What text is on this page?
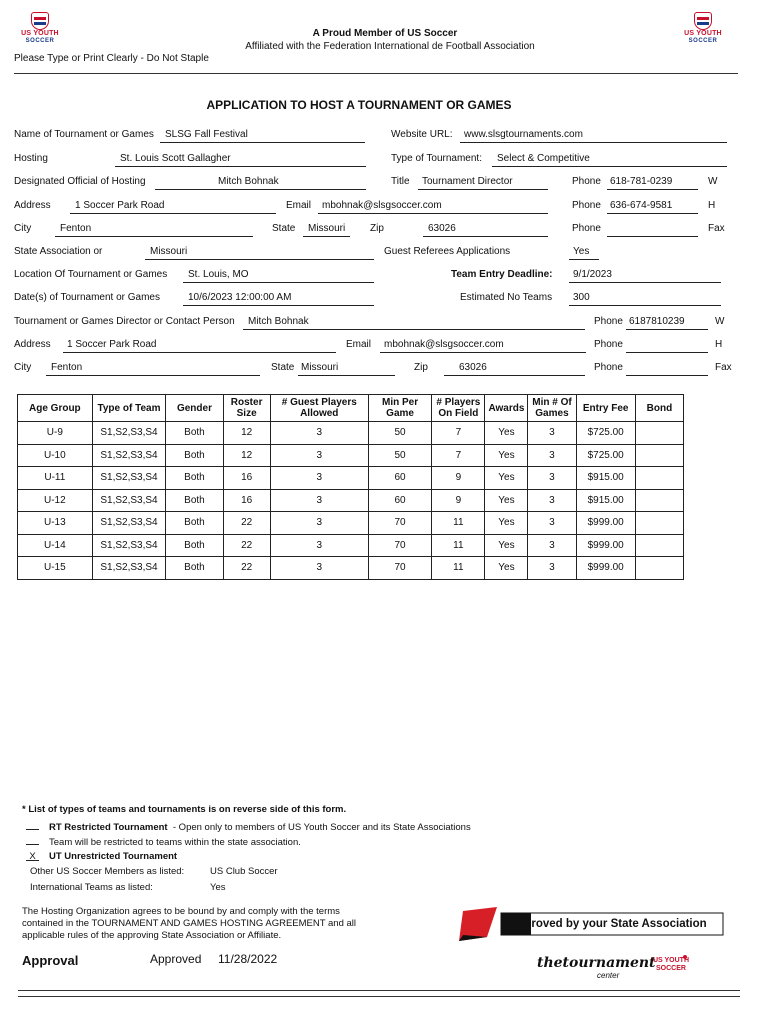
US YOUTH
SOCCER
US YOUTH
SOCCER
A Proud Member of US Soccer
Affiliated with the Federation International de Football Association
Please Type or Print Clearly - Do Not Staple
APPLICATION TO HOST A TOURNAMENT OR GAMES
Name of Tournament or Games SLSG Fall Festival	Website URL: www.slsgtournaments.com
Hosting	St. Louis Scott Gallagher	Type of Tournament: Select & Competitive
Designated Official of Hosting	Mitch Bohnak	Title Tournament Director	Phone 618-781-0239	W
Address 1 Soccer Park Road	Email mbohnak@slsgsoccer.com	Phone 636-674-9581	H
City	Fenton	State Missouri Zip	63026	Phone	Fax
State Association or	Missouri	Guest Referees Applications	Yes
Location Of Tournament or Games St. Louis, MO	Team Entry Deadline: 9/1/2023
Date(s) of Tournament or Games	10/6/2023 12:00:00 AM	Estimated No Teams 300
Tournament or Games Director or Contact Person Mitch Bohnak	Phone 6187810239	W
Address 1 Soccer Park Road	Email mbohnak@slsgsoccer.com	Phone	H
City Fenton	State Missouri	Zip	63026	Phone	Fax
Age Group	Type of Team	Gender	Roster Size	# Guest Players Allowed	Min Per Game	# Players On Field	Awards	Min # Of Games	Entry Fee	Bond
U-9	S1,S2,S3,S4	Both	12	3	50	7	Yes	3	$725.00	
U-10	S1,S2,S3,S4	Both	12	3	50	7	Yes	3	$725.00	
U-11	S1,S2,S3,S4	Both	16	3	60	9	Yes	3	$915.00	
U-12	S1,S2,S3,S4	Both	16	3	60	9	Yes	3	$915.00	
U-13	S1,S2,S3,S4	Both	22	3	70	11	Yes	3	$999.00	
U-14	S1,S2,S3,S4	Both	22	3	70	11	Yes	3	$999.00	
U-15	S1,S2,S3,S4	Both	22	3	70	11	Yes	3	$999.00	
* List of types of teams and tournaments is on reverse side of this form.
RT Restricted Tournament - Open only to members of US Youth Soccer and its State Associations
Team will be restricted to teams within the state association.
X UT Unrestricted Tournament
Other US Soccer Members as listed:	US Club Soccer
International Teams as listed:	Yes
The Hosting Organization agrees to be bound by and comply with the terms contained in the TOURNAMENT AND GAMES HOSTING AGREEMENT and all applicable rules of the approving State Association or Affiliate.
Approval	Approved 11/28/2022
Approved by your State Association
thetournament
center
US YOUTH SOCCER
